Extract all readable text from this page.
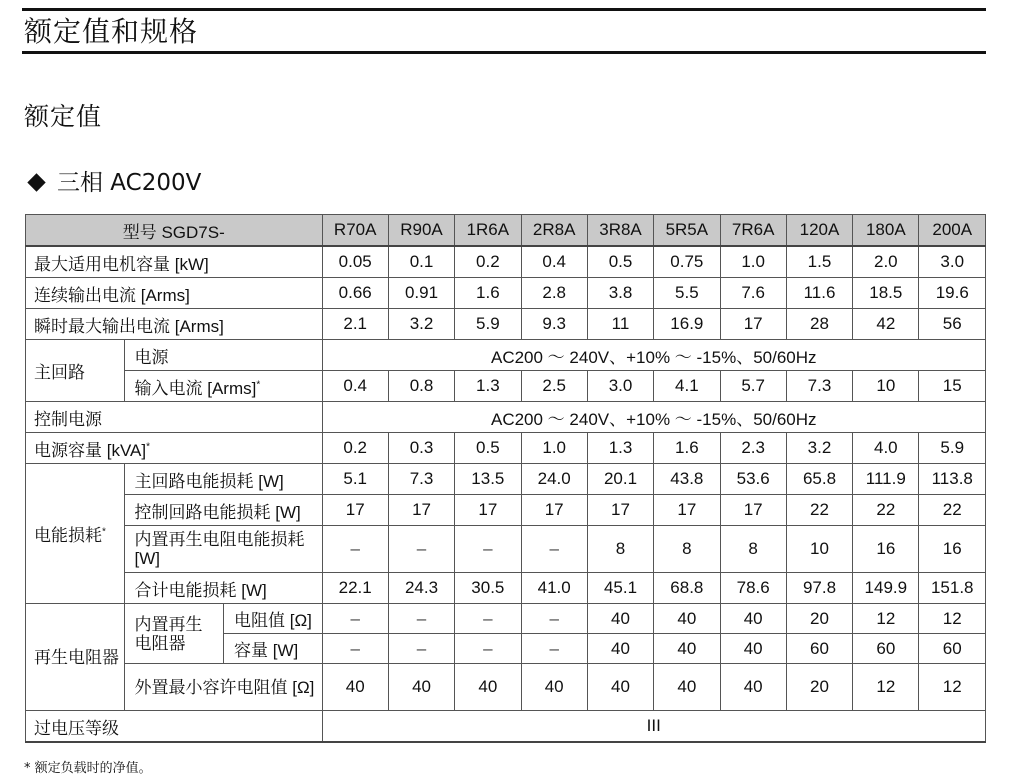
额定值和规格
额定值
三相 AC200V
型号 SGD7S-			R70A	R90A	1R6A	2R8A	3R8A	5R5A	7R6A	120A	180A	200A
最大适用电机容量 [kW]			0.05	0.1	0.2	0.4	0.5	0.75	1.0	1.5	2.0	3.0
连续输出电流 [Arms]			0.66	0.91	1.6	2.8	3.8	5.5	7.6	11.6	18.5	19.6
瞬时最大输出电流 [Arms]			2.1	3.2	5.9	9.3	11	16.9	17	28	42	56
主回路	电源		AC200 ～ 240V、+10% ～ -15%、50/60Hz									
	输入电流 [Arms]*		0.4	0.8	1.3	2.5	3.0	4.1	5.7	7.3	10	15
控制电源			AC200 ～ 240V、+10% ～ -15%、50/60Hz									
电源容量 [kVA]*			0.2	0.3	0.5	1.0	1.3	1.6	2.3	3.2	4.0	5.9
电能损耗*	主回路电能损耗 [W]		5.1	7.3	13.5	24.0	20.1	43.8	53.6	65.8	111.9	113.8
	控制回路电能损耗 [W]		17	17	17	17	17	17	17	22	22	22
	内置再生电阻电能损耗 [W]		–	–	–	–	8	8	8	10	16	16
	合计电能损耗 [W]		22.1	24.3	30.5	41.0	45.1	68.8	78.6	97.8	149.9	151.8
再生电阻器	内置再生电阻器	电阻值 [Ω]	–	–	–	–	40	40	40	20	12	12
		容量 [W]	–	–	–	–	40	40	40	60	60	60
	外置最小容许电阻值 [Ω]		40	40	40	40	40	40	40	20	12	12
过电压等级			III									
* 额定负载时的净值。
